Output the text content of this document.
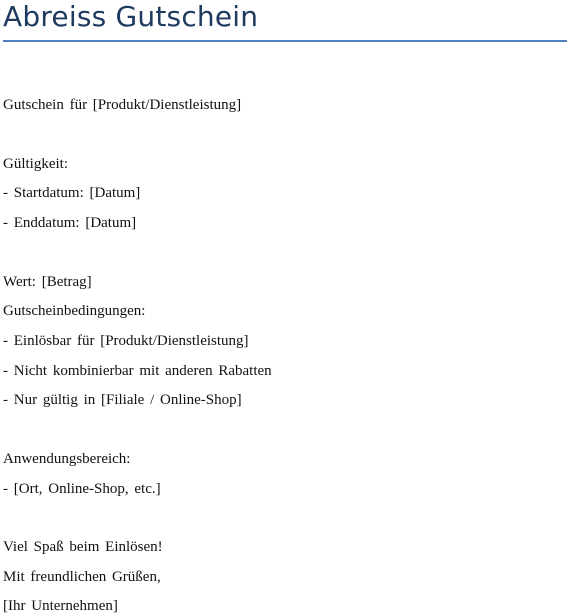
Abreiss Gutschein

Gutschein für [Produkt/Dienstleistung]

Gültigkeit:

- Startdatum: [Datum]

- Enddatum: [Datum]

Wert: [Betrag]

Gutscheinbedingungen:

- Einlösbar für [Produkt/Dienstleistung]

- Nicht kombinierbar mit anderen Rabatten

- Nur gültig in [Filiale / Online-Shop]

Anwendungsbereich:

- [Ort, Online-Shop, etc.]

Viel Spaß beim Einlösen!

Mit freundlichen Grüßen,

[Ihr Unternehmen]
